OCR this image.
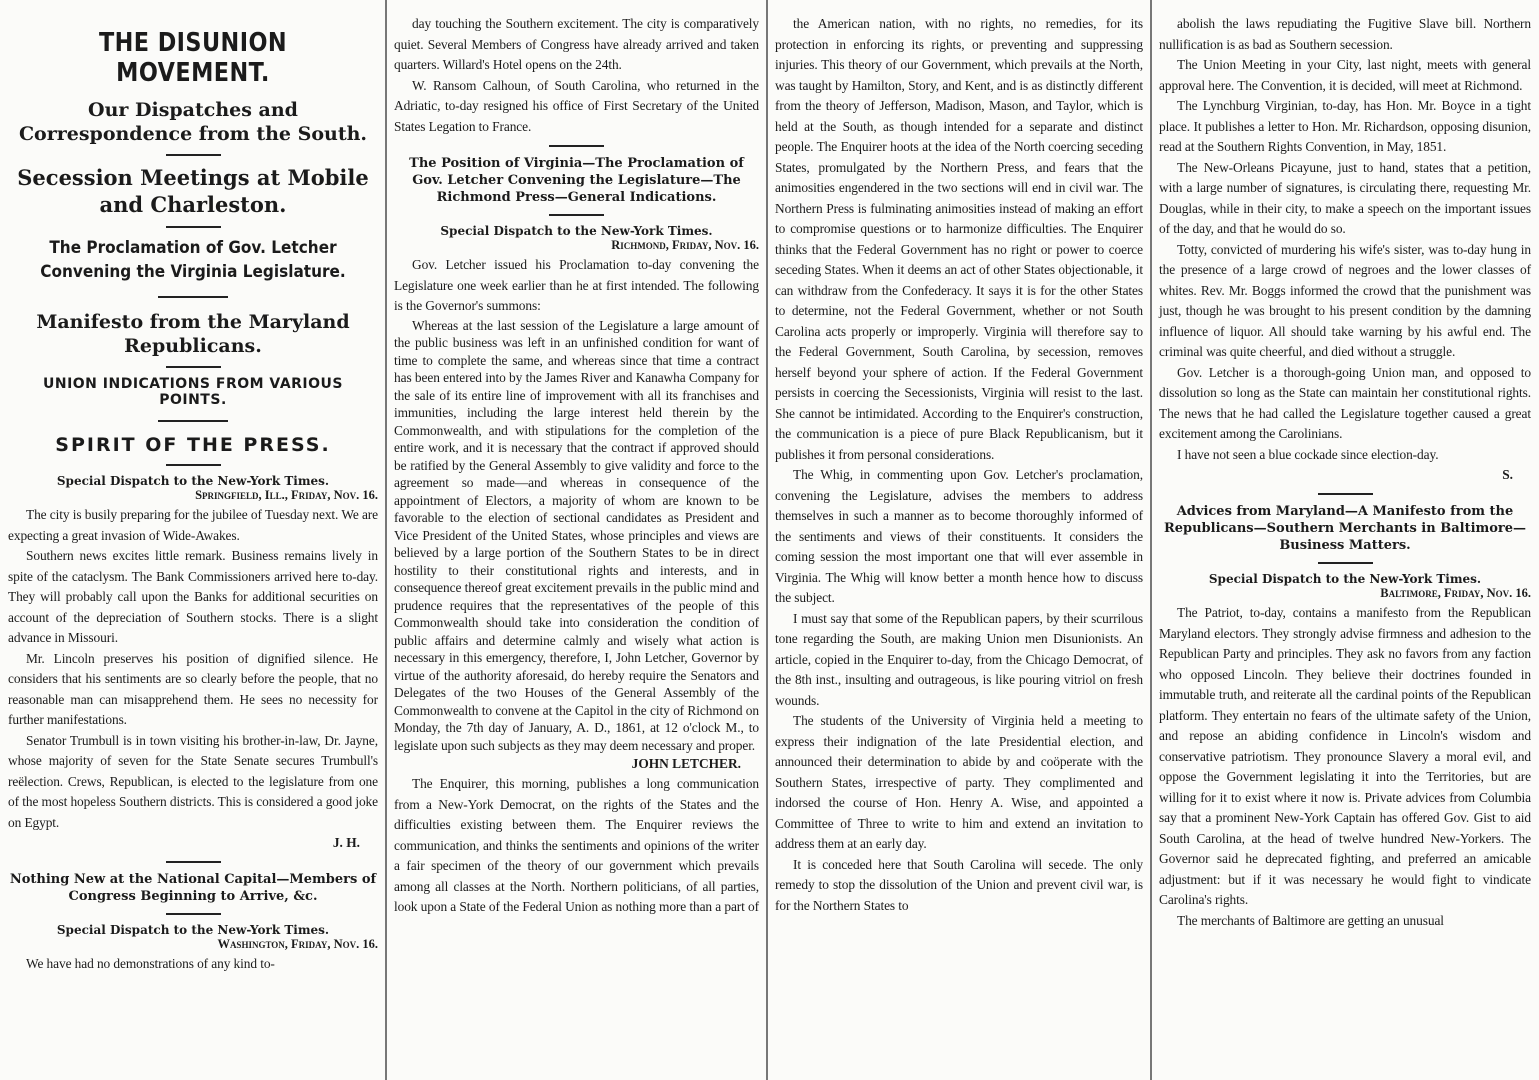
THE DISUNION MOVEMENT.
Our Dispatches and Correspondence from the South.
Secession Meetings at Mobile and Charleston.
The Proclamation of Gov. Letcher Convening the Virginia Legislature.
Manifesto from the Maryland Republicans.
UNION INDICATIONS FROM VARIOUS POINTS.
SPIRIT OF THE PRESS.
Special Dispatch to the New-York Times.
Springfield, Ill., Friday, Nov. 16.

The city is busily preparing for the jubilee of Tuesday next. We are expecting a great invasion of Wide-Awakes.

Southern news excites little remark. Business remains lively in spite of the cataclysm. The Bank Commissioners arrived here to-day. They will probably call upon the Banks for additional securities on account of the depreciation of Southern stocks. There is a slight advance in Missouri.

Mr. Lincoln preserves his position of dignified silence. He considers that his sentiments are so clearly before the people, that no reasonable man can misapprehend them. He sees no necessity for further manifestations.

Senator Trumbull is in town visiting his brother-in-law, Dr. Jayne, whose majority of seven for the State Senate secures Trumbull's reëlection. Crews, Republican, is elected to the legislature from one of the most hopeless Southern districts. This is considered a good joke on Egypt.

J. H.
Nothing New at the National Capital—Members of Congress Beginning to Arrive, &c.
Special Dispatch to the New-York Times.
Washington, Friday, Nov. 16.

We have had no demonstrations of any kind to-

day touching the Southern excitement. The city is comparatively quiet. Several Members of Congress have already arrived and taken quarters. Willard's Hotel opens on the 24th.

W. Ransom Calhoun, of South Carolina, who returned in the Adriatic, to-day resigned his office of First Secretary of the United States Legation to France.

The Position of Virginia—The Proclamation of Gov. Letcher Convening the Legislature—The Richmond Press—General Indications.
Special Dispatch to the New-York Times.
Richmond, Friday, Nov. 16.

Gov. Letcher issued his Proclamation to-day convening the Legislature one week earlier than he at first intended. The following is the Governor's summons:

Whereas at the last session of the Legislature a large amount of the public business was left in an unfinished condition for want of time to complete the same, and whereas since that time a contract has been entered into by the James River and Kanawha Company for the sale of its entire line of improvement with all its franchises and immunities, including the large interest held therein by the Commonwealth, and with stipulations for the completion of the entire work, and it is necessary that the contract if approved should be ratified by the General Assembly to give validity and force to the agreement so made—and whereas in consequence of the appointment of Electors, a majority of whom are known to be favorable to the election of sectional candidates as President and Vice President of the United States, whose principles and views are believed by a large portion of the Southern States to be in direct hostility to their constitutional rights and interests, and in consequence thereof great excitement prevails in the public mind and prudence requires that the representatives of the people of this Commonwealth should take into consideration the condition of public affairs and determine calmly and wisely what action is necessary in this emergency, therefore, I, John Letcher, Governor by virtue of the authority aforesaid, do hereby require the Senators and Delegates of the two Houses of the General Assembly of the Commonwealth to convene at the Capitol in the city of Richmond on Monday, the 7th day of January, A. D., 1861, at 12 o'clock M., to legislate upon such subjects as they may deem necessary and proper.

JOHN LETCHER.

The Enquirer, this morning, publishes a long communication from a New-York Democrat, on the rights of the States and the difficulties existing between them. The Enquirer reviews the communication, and thinks the sentiments and opinions of the writer a fair specimen of the theory of our government which prevails among all classes at the North. Northern politicians, of all parties, look upon a State of the Federal Union as nothing more than a part of

the American nation, with no rights, no remedies, for its protection in enforcing its rights, or preventing and suppressing injuries. This theory of our Government, which prevails at the North, was taught by Hamilton, Story, and Kent, and is as distinctly different from the theory of Jefferson, Madison, Mason, and Taylor, which is held at the South, as though intended for a separate and distinct people. The Enquirer hoots at the idea of the North coercing seceding States, promulgated by the Northern Press, and fears that the animosities engendered in the two sections will end in civil war. The Northern Press is fulminating animosities instead of making an effort to compromise questions or to harmonize difficulties. The Enquirer thinks that the Federal Government has no right or power to coerce seceding States. When it deems an act of other States objectionable, it can withdraw from the Confederacy. It says it is for the other States to determine, not the Federal Government, whether or not South Carolina acts properly or improperly. Virginia will therefore say to the Federal Government, South Carolina, by secession, removes herself beyond your sphere of action. If the Federal Government persists in coercing the Secessionists, Virginia will resist to the last. She cannot be intimidated. According to the Enquirer's construction, the communication is a piece of pure Black Republicanism, but it publishes it from personal considerations.

The Whig, in commenting upon Gov. Letcher's proclamation, convening the Legislature, advises the members to address themselves in such a manner as to become thoroughly informed of the sentiments and views of their constituents. It considers the coming session the most important one that will ever assemble in Virginia. The Whig will know better a month hence how to discuss the subject.

I must say that some of the Republican papers, by their scurrilous tone regarding the South, are making Union men Disunionists. An article, copied in the Enquirer to-day, from the Chicago Democrat, of the 8th inst., insulting and outrageous, is like pouring vitriol on fresh wounds.

The students of the University of Virginia held a meeting to express their indignation of the late Presidential election, and announced their determination to abide by and coöperate with the Southern States, irrespective of party. They complimented and indorsed the course of Hon. Henry A. Wise, and appointed a Committee of Three to write to him and extend an invitation to address them at an early day.

It is conceded here that South Carolina will secede. The only remedy to stop the dissolution of the Union and prevent civil war, is for the Northern States to

abolish the laws repudiating the Fugitive Slave bill. Northern nullification is as bad as Southern secession.

The Union Meeting in your City, last night, meets with general approval here. The Convention, it is decided, will meet at Richmond.

The Lynchburg Virginian, to-day, has Hon. Mr. Boyce in a tight place. It publishes a letter to Hon. Mr. Richardson, opposing disunion, read at the Southern Rights Convention, in May, 1851.

The New-Orleans Picayune, just to hand, states that a petition, with a large number of signatures, is circulating there, requesting Mr. Douglas, while in their city, to make a speech on the important issues of the day, and that he would do so.

Totty, convicted of murdering his wife's sister, was to-day hung in the presence of a large crowd of negroes and the lower classes of whites. Rev. Mr. Boggs informed the crowd that the punishment was just, though he was brought to his present condition by the damning influence of liquor. All should take warning by his awful end. The criminal was quite cheerful, and died without a struggle.

Gov. Letcher is a thorough-going Union man, and opposed to dissolution so long as the State can maintain her constitutional rights. The news that he had called the Legislature together caused a great excitement among the Carolinians.

I have not seen a blue cockade since election-day.

S.
Advices from Maryland—A Manifesto from the Republicans—Southern Merchants in Baltimore—Business Matters.
Special Dispatch to the New-York Times.
Baltimore, Friday, Nov. 16.

The Patriot, to-day, contains a manifesto from the Republican Maryland electors. They strongly advise firmness and adhesion to the Republican Party and principles. They ask no favors from any faction who opposed Lincoln. They believe their doctrines founded in immutable truth, and reiterate all the cardinal points of the Republican platform. They entertain no fears of the ultimate safety of the Union, and repose an abiding confidence in Lincoln's wisdom and conservative patriotism. They pronounce Slavery a moral evil, and oppose the Government legislating it into the Territories, but are willing for it to exist where it now is. Private advices from Columbia say that a prominent New-York Captain has offered Gov. Gist to aid South Carolina, at the head of twelve hundred New-Yorkers. The Governor said he deprecated fighting, and preferred an amicable adjustment: but if it was necessary he would fight to vindicate Carolina's rights.

The merchants of Baltimore are getting an unusual
